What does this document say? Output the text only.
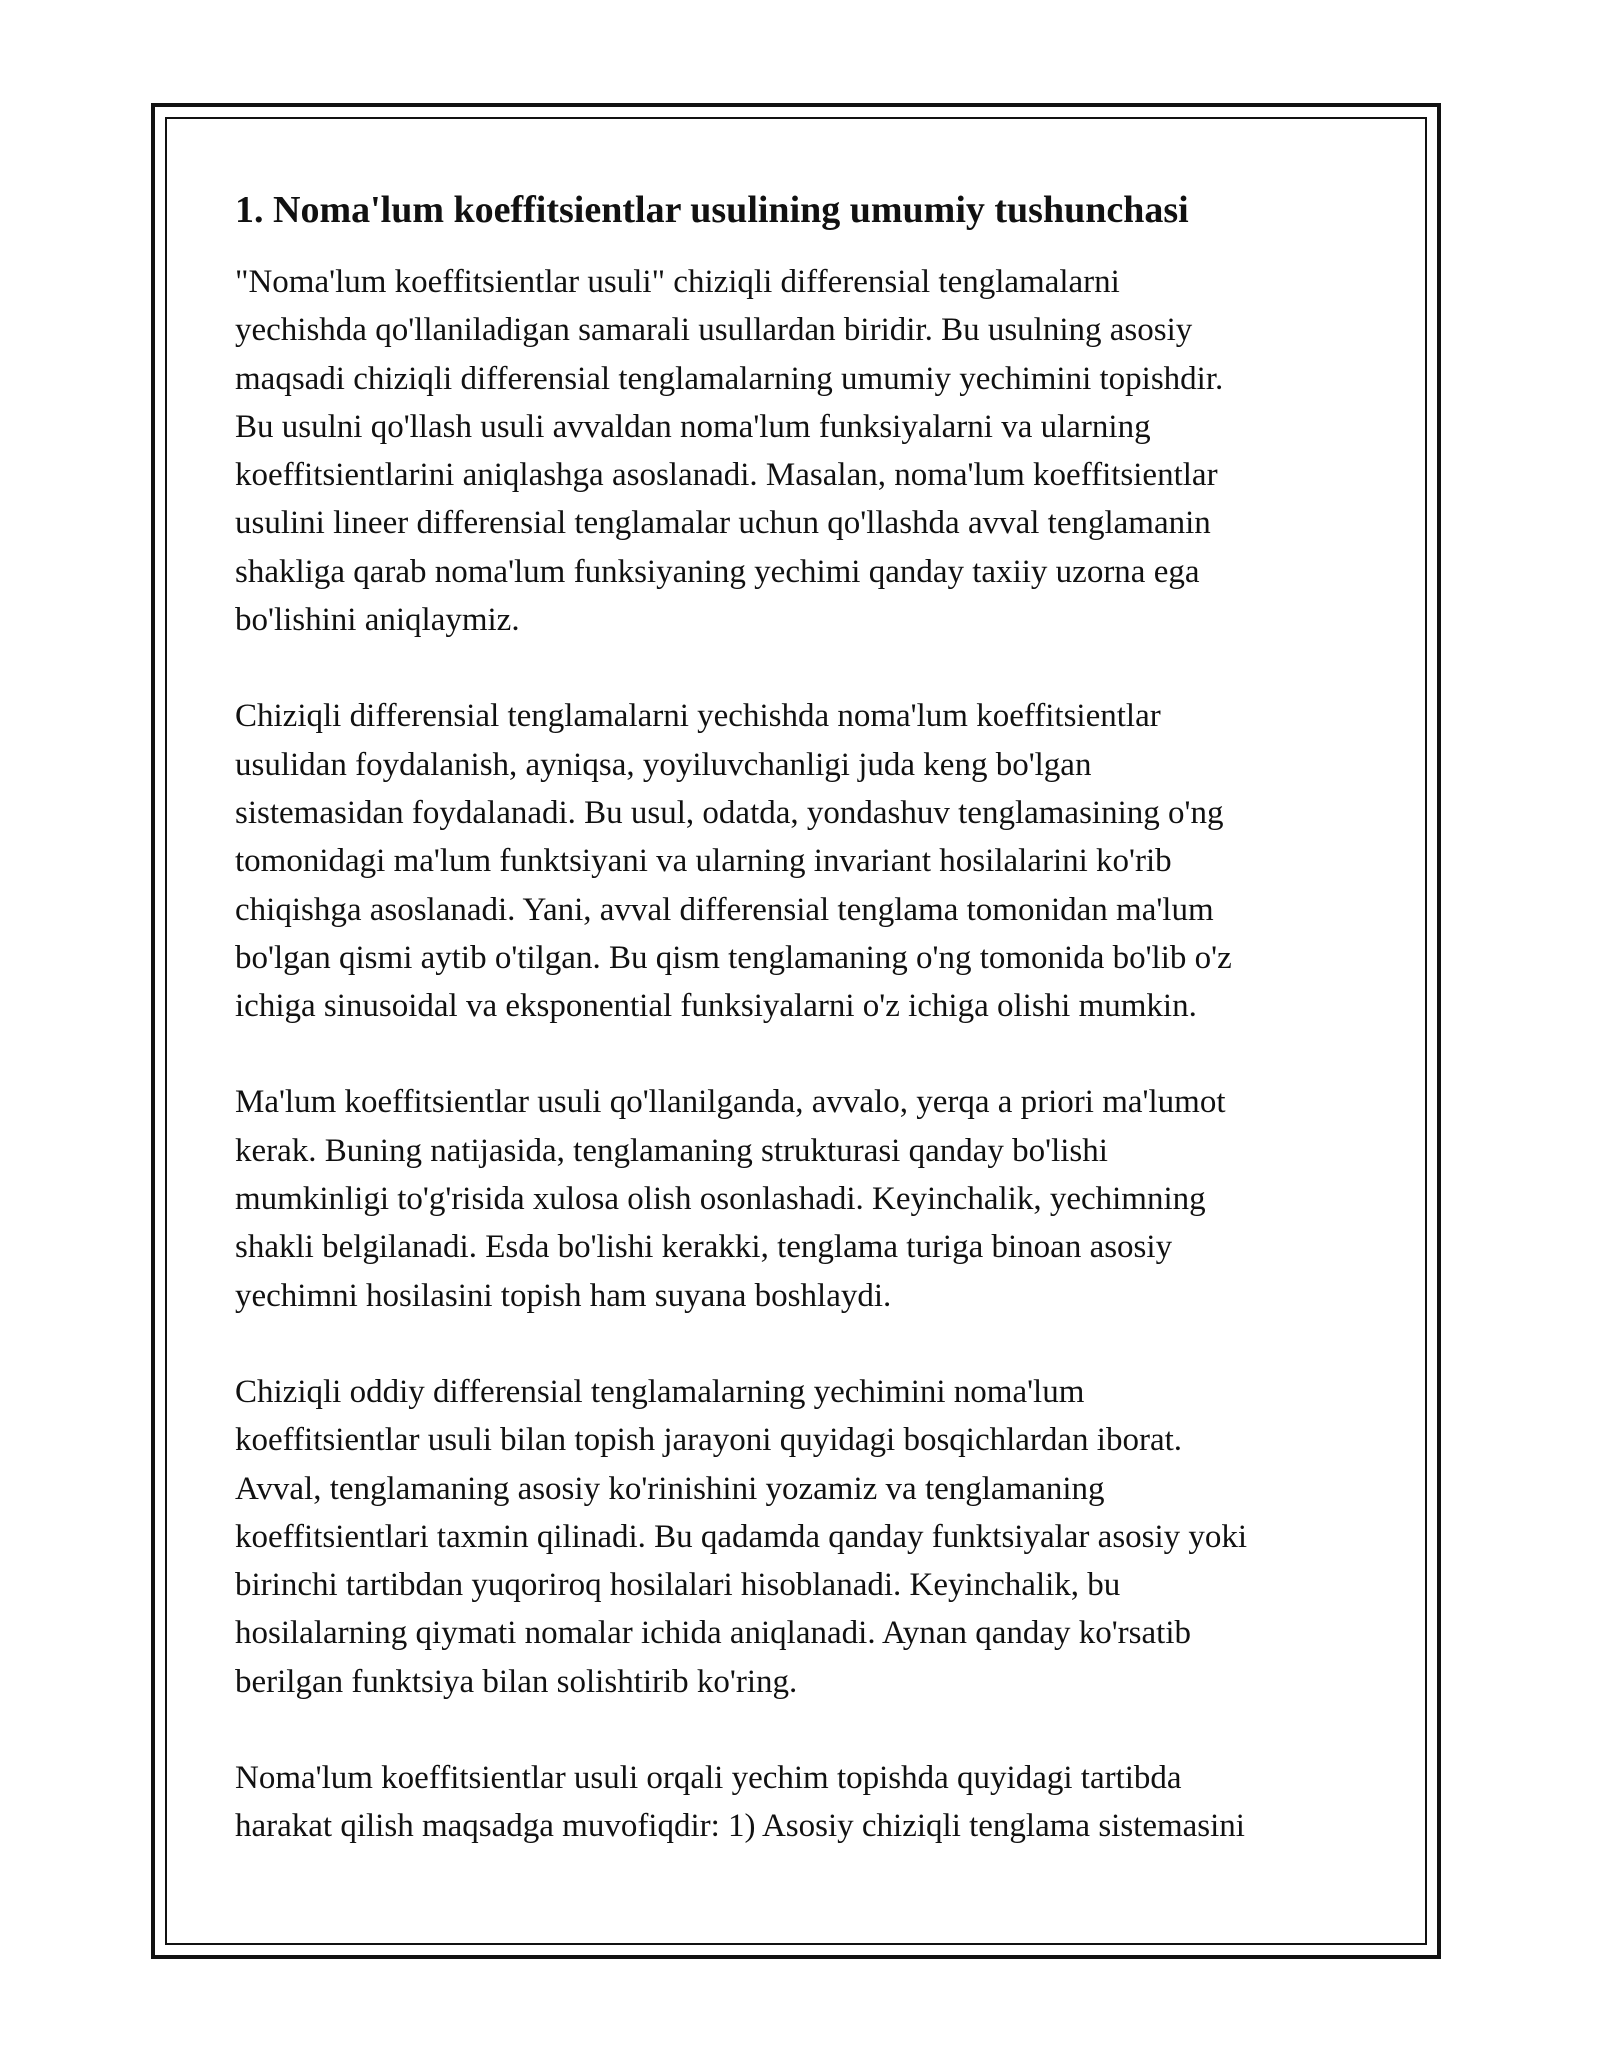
1. Noma'lum koeffitsientlar usulining umumiy tushunchasi

"Noma'lum koeffitsientlar usuli" chiziqli differensial tenglamalarni
yechishda qo'llaniladigan samarali usullardan biridir. Bu usulning asosiy
maqsadi chiziqli differensial tenglamalarning umumiy yechimini topishdir.
Bu usulni qo'llash usuli avvaldan noma'lum funksiyalarni va ularning
koeffitsientlarini aniqlashga asoslanadi. Masalan, noma'lum koeffitsientlar
usulini lineer differensial tenglamalar uchun qo'llashda avval tenglamanin
shakliga qarab noma'lum funksiyaning yechimi qanday taxiiy uzorna ega
bo'lishini aniqlaymiz.

Chiziqli differensial tenglamalarni yechishda noma'lum koeffitsientlar
usulidan foydalanish, ayniqsa, yoyiluvchanligi juda keng bo'lgan
sistemasidan foydalanadi. Bu usul, odatda, yondashuv tenglamasining o'ng
tomonidagi ma'lum funktsiyani va ularning invariant hosilalarini ko'rib
chiqishga asoslanadi. Yani, avval differensial tenglama tomonidan ma'lum
bo'lgan qismi aytib o'tilgan. Bu qism tenglamaning o'ng tomonida bo'lib o'z
ichiga sinusoidal va eksponential funksiyalarni o'z ichiga olishi mumkin.

Ma'lum koeffitsientlar usuli qo'llanilganda, avvalo, yerqa a priori ma'lumot
kerak. Buning natijasida, tenglamaning strukturasi qanday bo'lishi
mumkinligi to'g'risida xulosa olish osonlashadi. Keyinchalik, yechimning
shakli belgilanadi. Esda bo'lishi kerakki, tenglama turiga binoan asosiy
yechimni hosilasini topish ham suyana boshlaydi.

Chiziqli oddiy differensial tenglamalarning yechimini noma'lum
koeffitsientlar usuli bilan topish jarayoni quyidagi bosqichlardan iborat.
Avval, tenglamaning asosiy ko'rinishini yozamiz va tenglamaning
koeffitsientlari taxmin qilinadi. Bu qadamda qanday funktsiyalar asosiy yoki
birinchi tartibdan yuqoriroq hosilalari hisoblanadi. Keyinchalik, bu
hosilalarning qiymati nomalar ichida aniqlanadi. Aynan qanday ko'rsatib
berilgan funktsiya bilan solishtirib ko'ring.

Noma'lum koeffitsientlar usuli orqali yechim topishda quyidagi tartibda
harakat qilish maqsadga muvofiqdir: 1) Asosiy chiziqli tenglama sistemasini
